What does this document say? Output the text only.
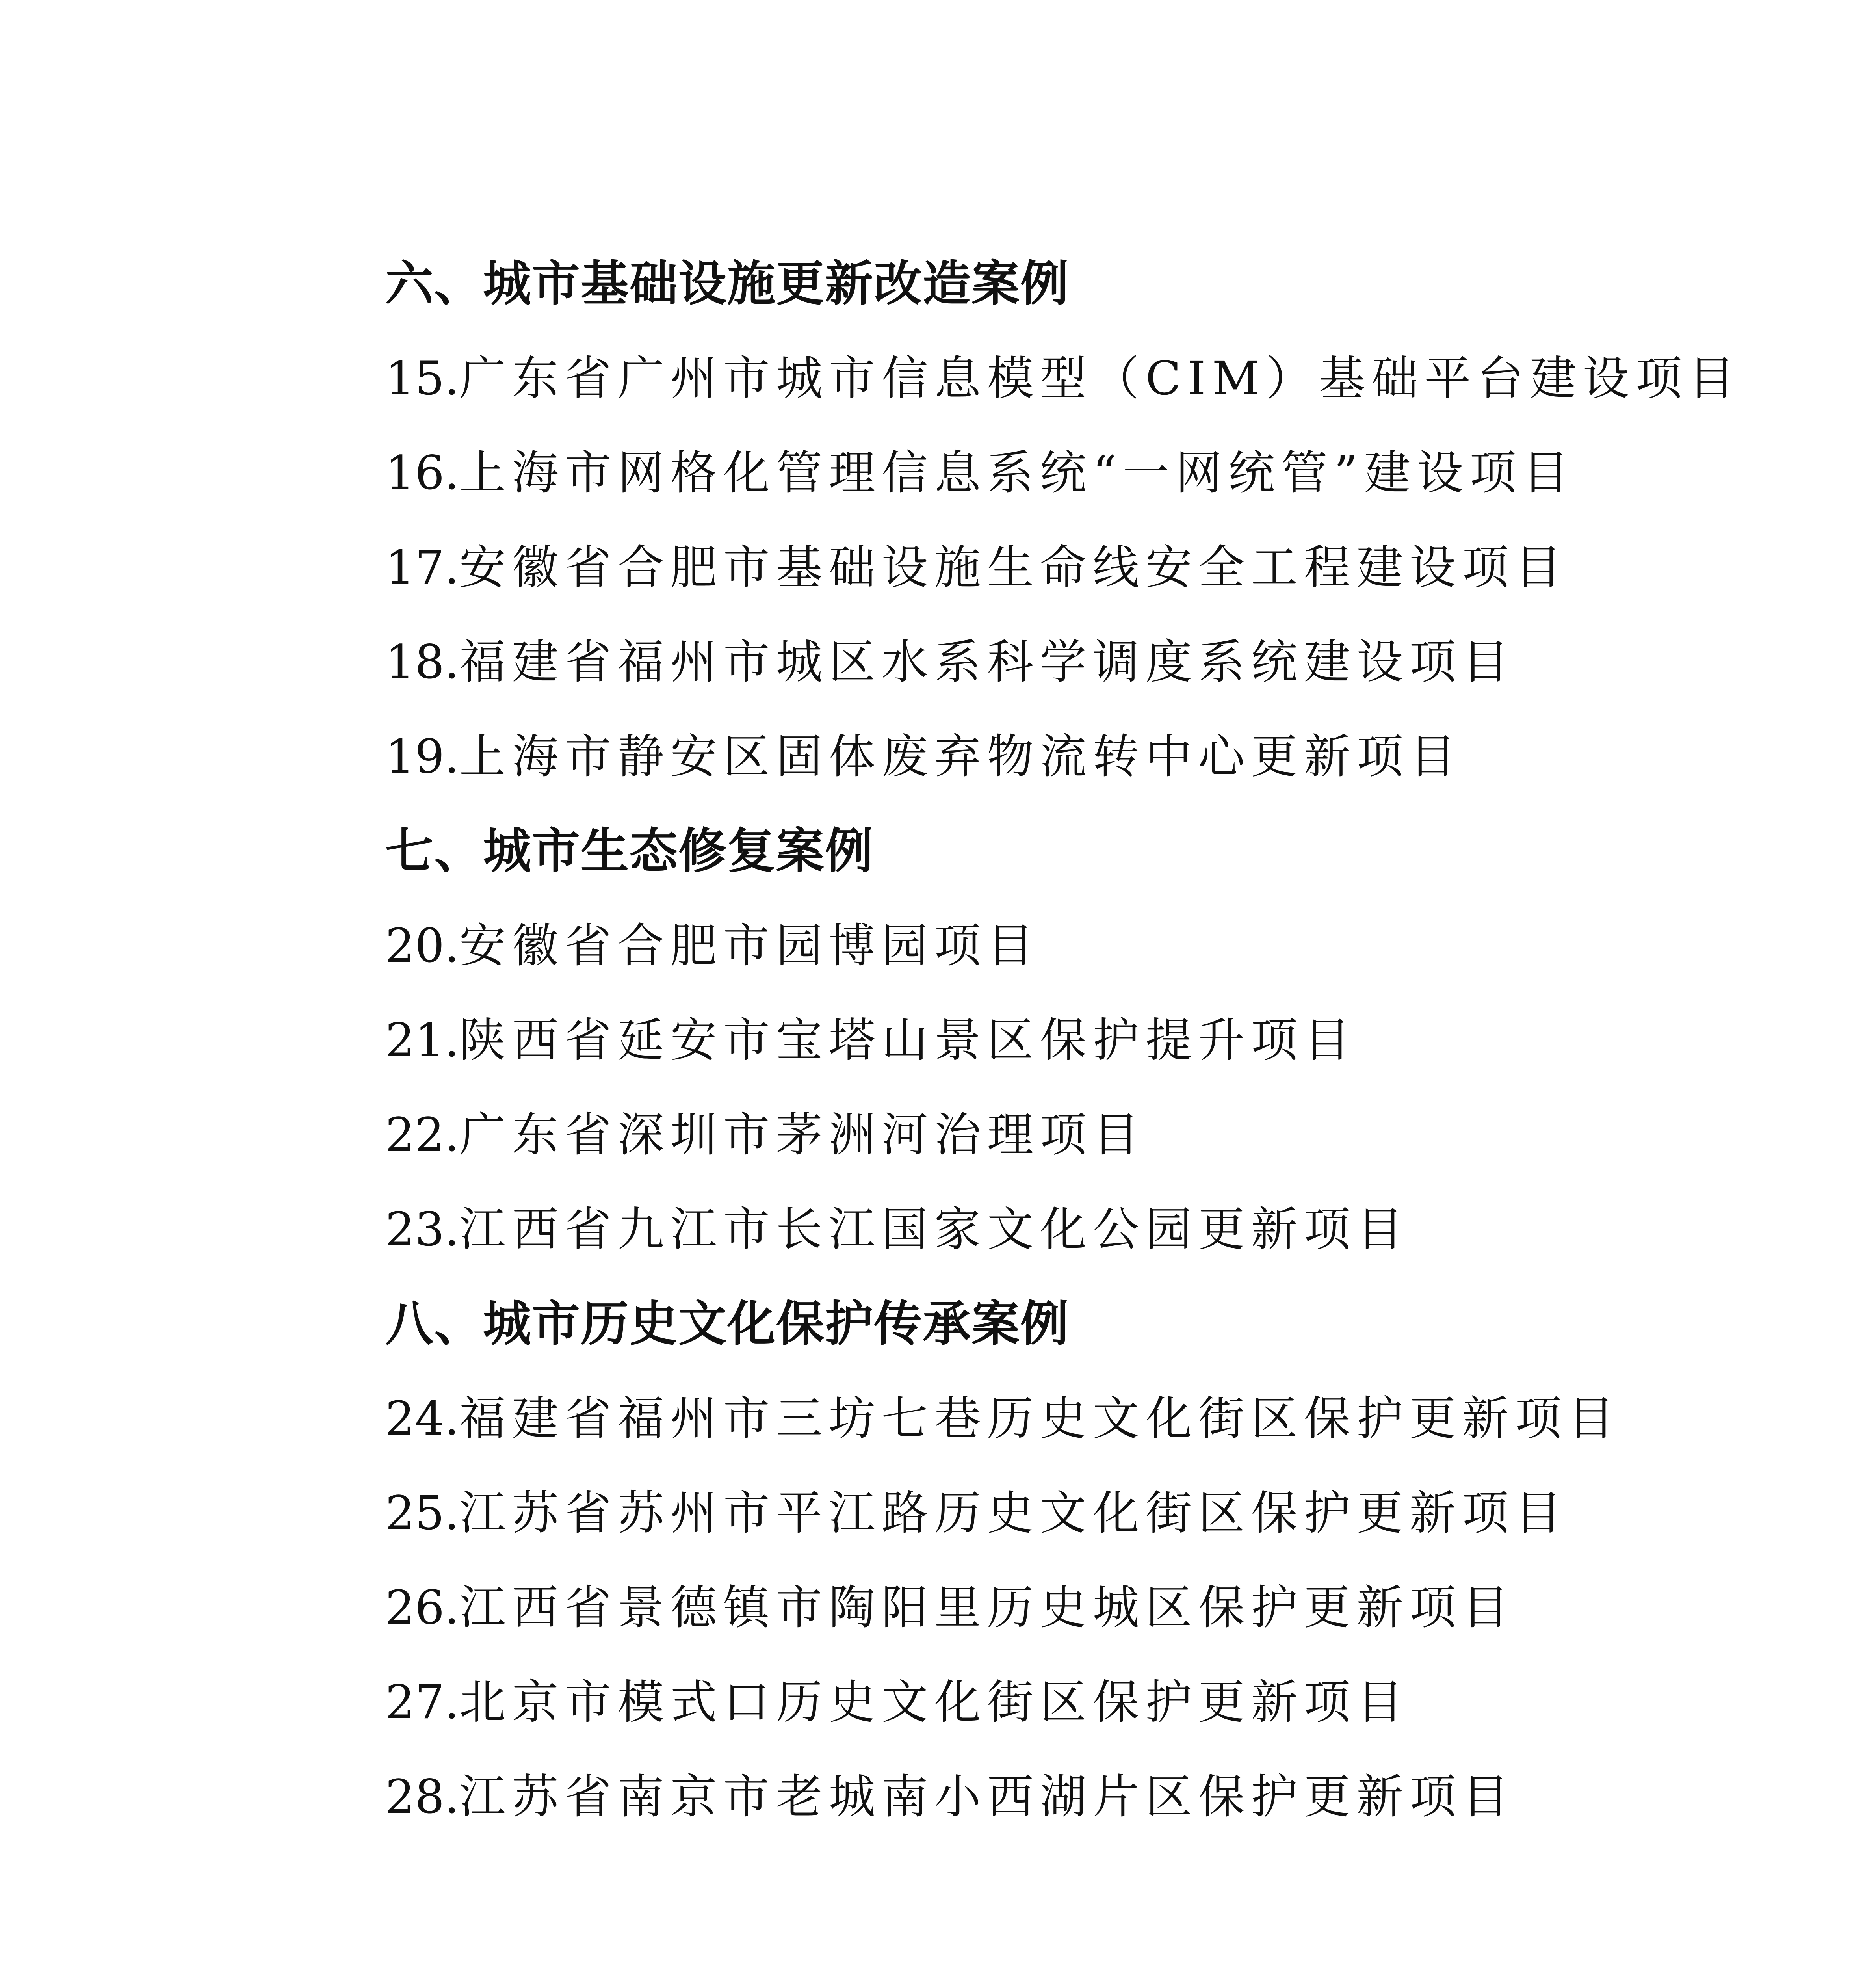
六、城市基础设施更新改造案例
15.广东省广州市城市信息模型（CIM）基础平台建设项目
16.上海市网格化管理信息系统“一网统管”建设项目
17.安徽省合肥市基础设施生命线安全工程建设项目
18.福建省福州市城区水系科学调度系统建设项目
19.上海市静安区固体废弃物流转中心更新项目
七、城市生态修复案例
20.安徽省合肥市园博园项目
21.陕西省延安市宝塔山景区保护提升项目
22.广东省深圳市茅洲河治理项目
23.江西省九江市长江国家文化公园更新项目
八、城市历史文化保护传承案例
24.福建省福州市三坊七巷历史文化街区保护更新项目
25.江苏省苏州市平江路历史文化街区保护更新项目
26.江西省景德镇市陶阳里历史城区保护更新项目
27.北京市模式口历史文化街区保护更新项目
28.江苏省南京市老城南小西湖片区保护更新项目
